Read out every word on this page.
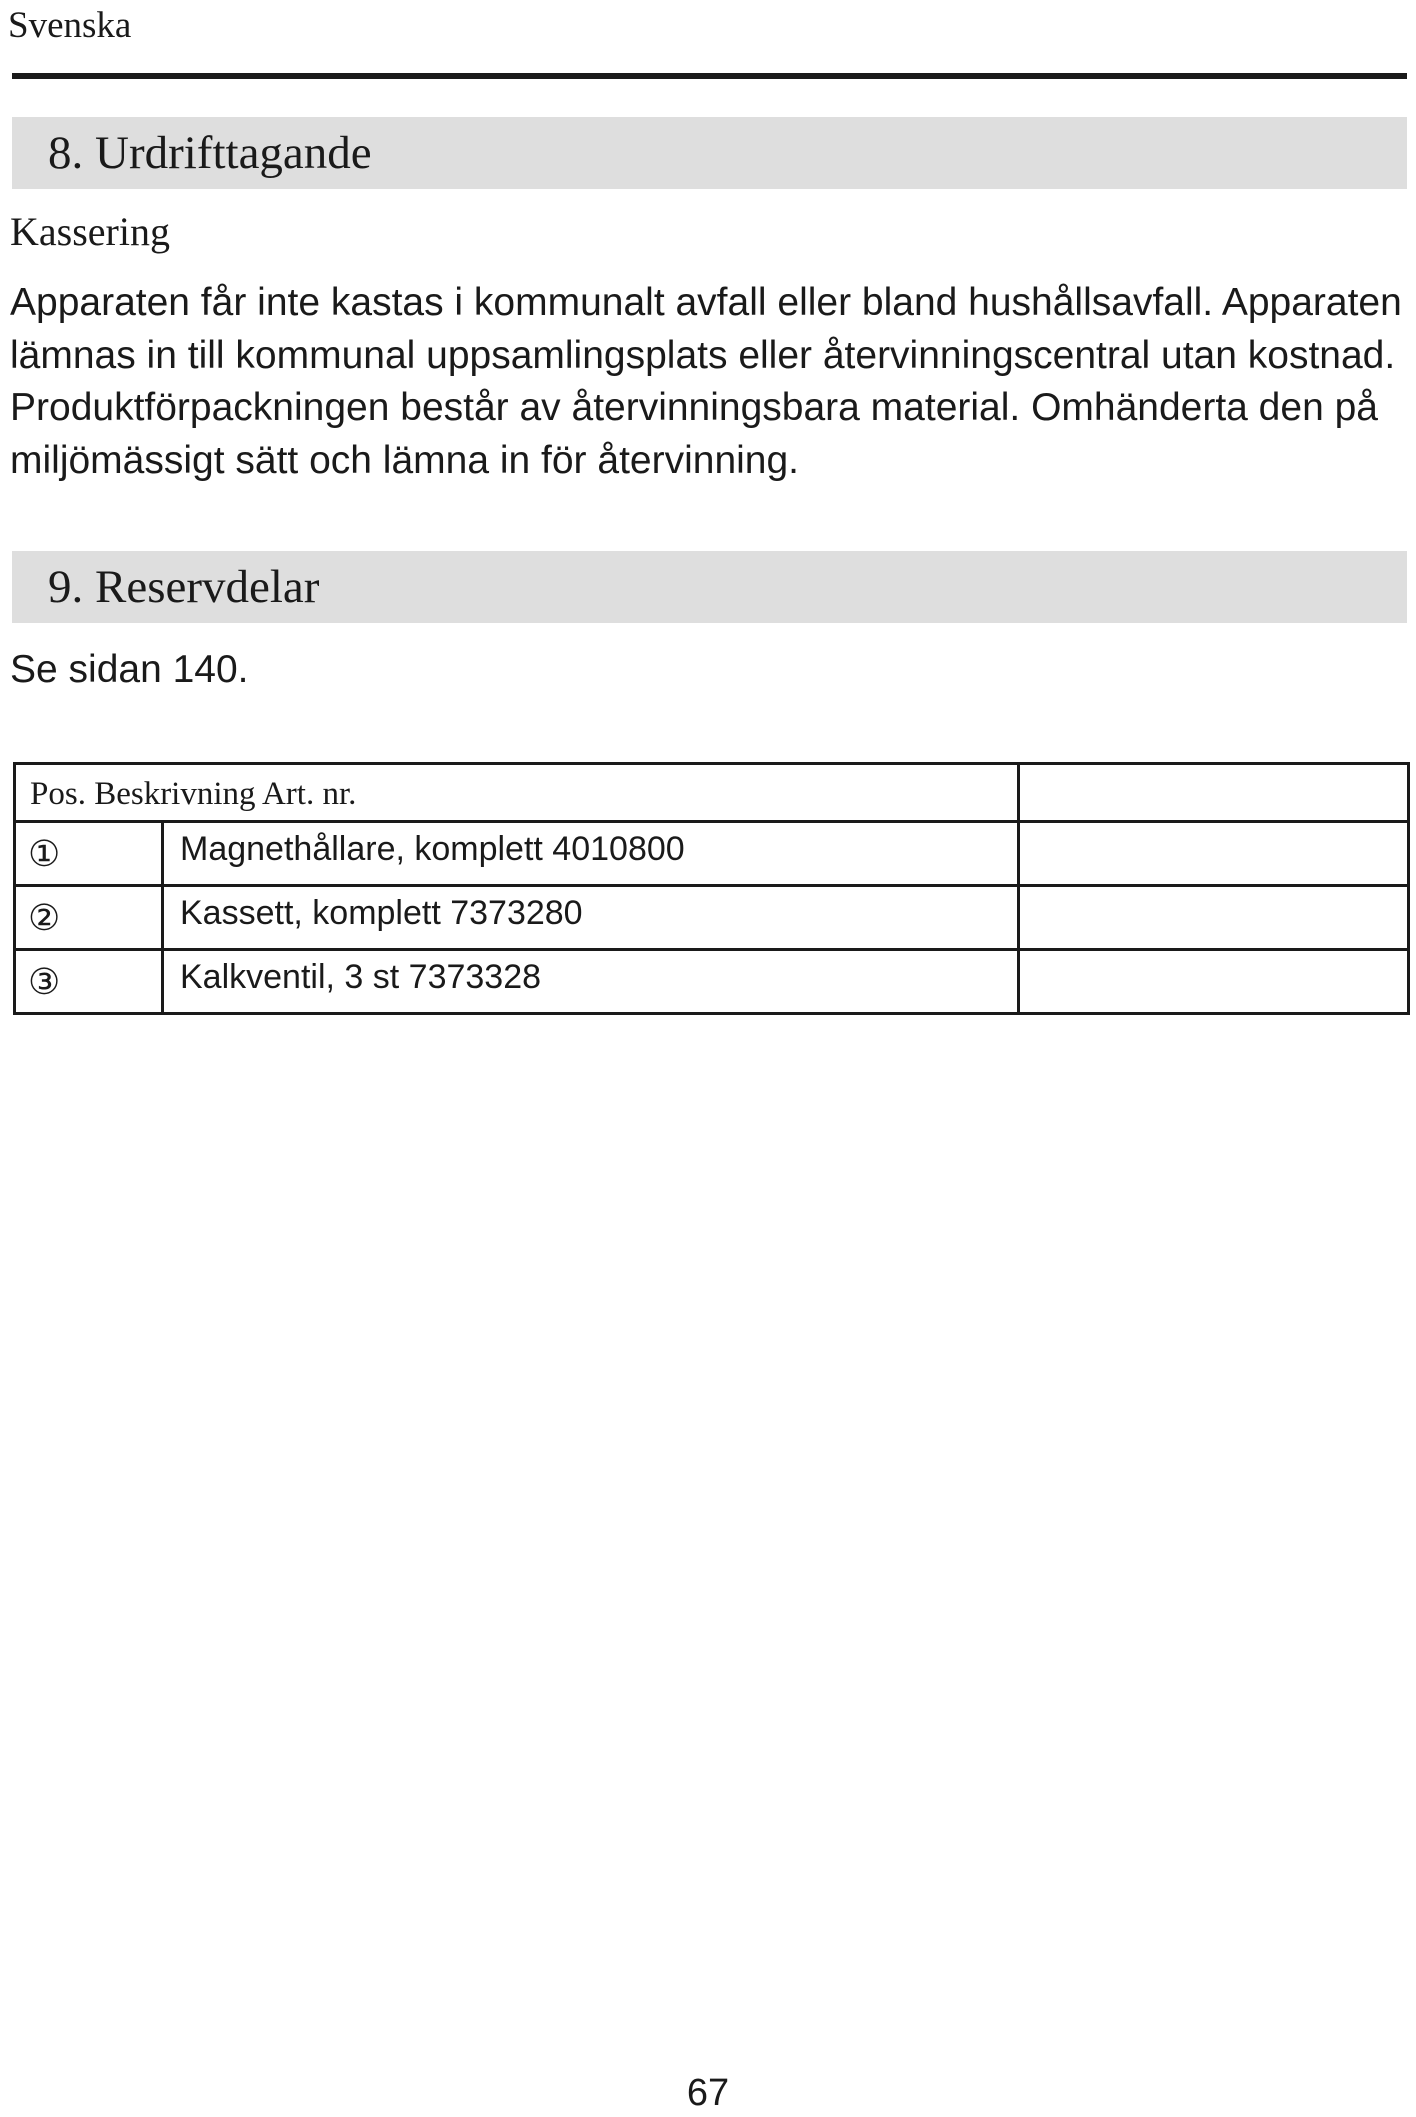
Svenska
8. Urdrifttagande
Kassering

Apparaten får inte kastas i kommunalt avfall eller bland hushållsavfall. Apparaten lämnas in till kommunal uppsamlingsplats eller återvinningscentral utan kostnad. Produktförpackningen består av återvinningsbara material. Omhänderta den på miljömässigt sätt och lämna in för återvinning.

9. Reservdelar
Se sidan 140.
Pos. Beskrivning Art. nr.		
①	Magnethållare, komplett 4010800	
②	Kassett, komplett 7373280	
③	Kalkventil, 3 st 7373328	
67
